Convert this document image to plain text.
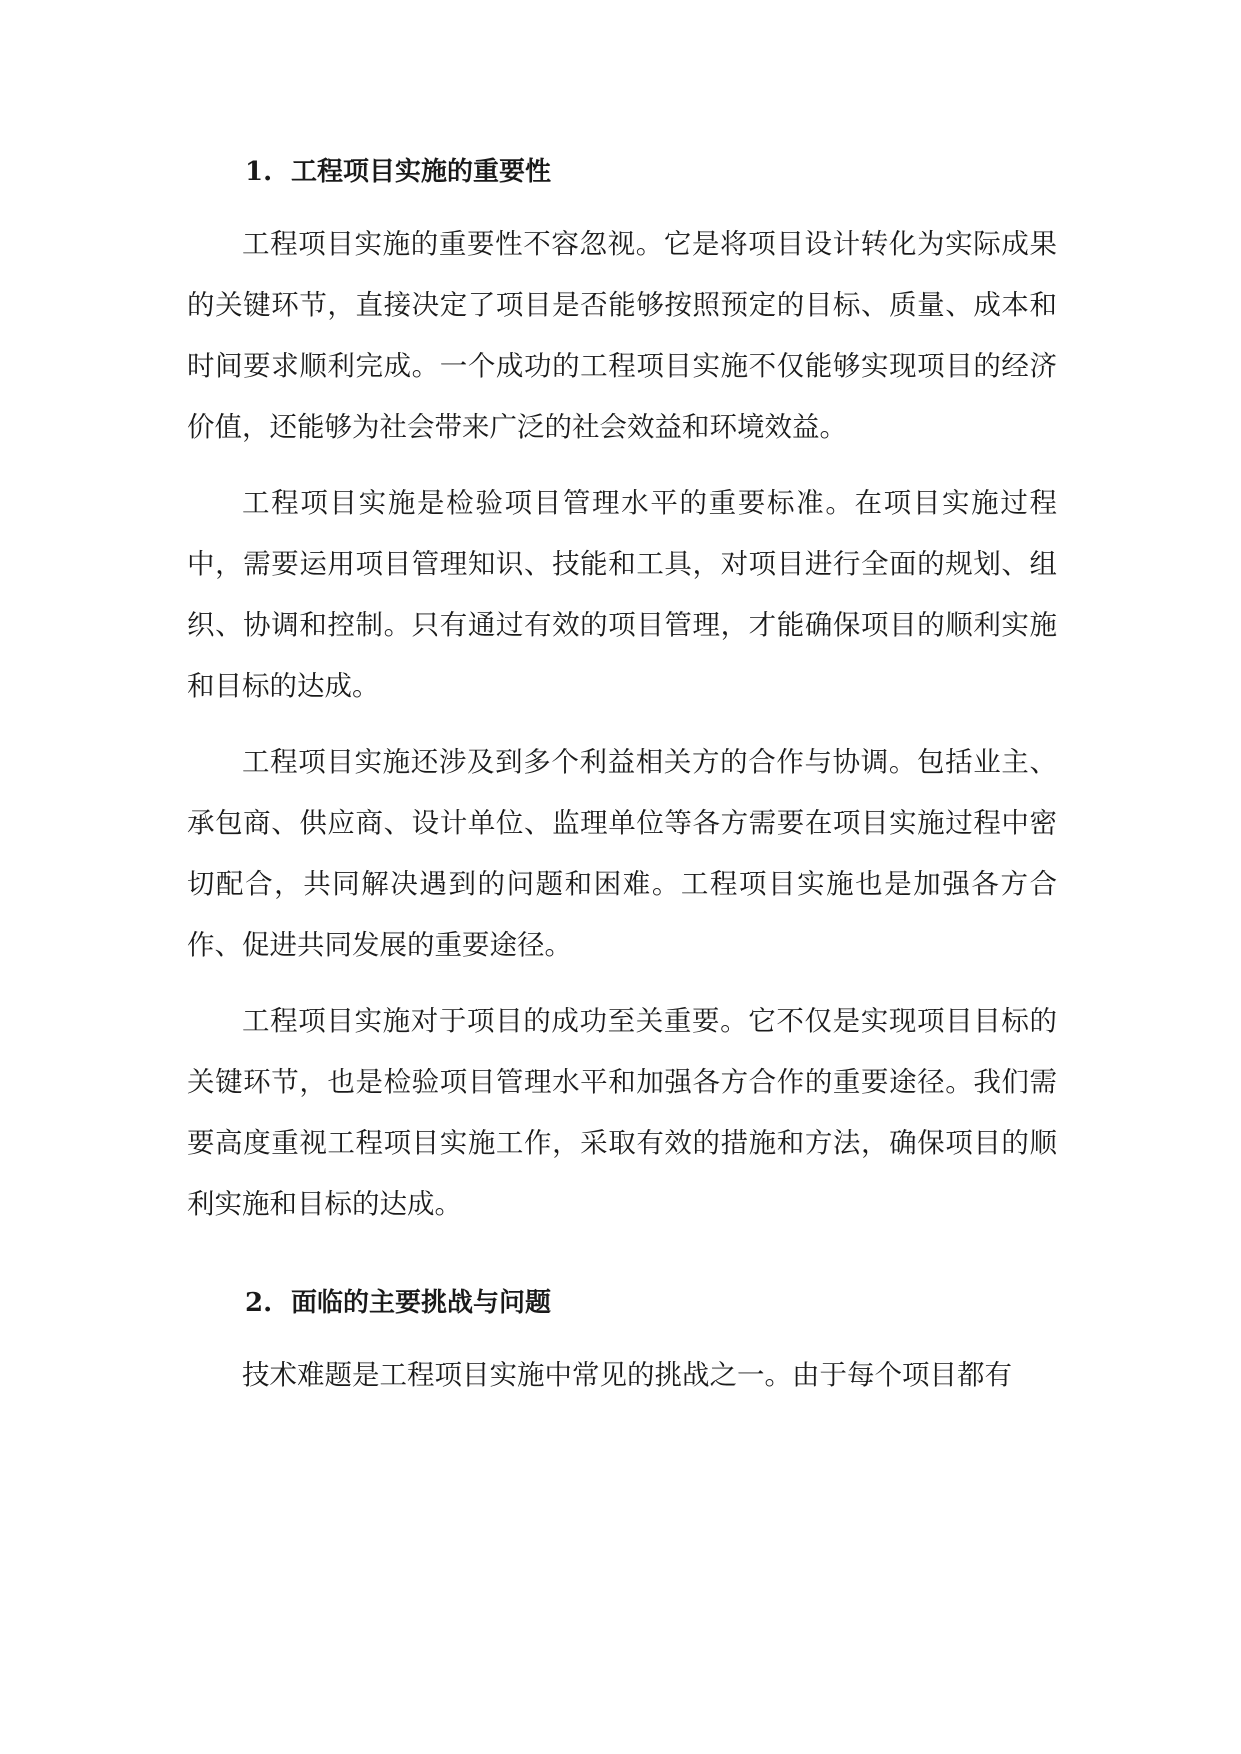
1. 工程项目实施的重要性

工程项目实施的重要性不容忽视。它是将项目设计转化为实际成果的关键环节，直接决定了项目是否能够按照预定的目标、质量、成本和时间要求顺利完成。一个成功的工程项目实施不仅能够实现项目的经济价值，还能够为社会带来广泛的社会效益和环境效益。

工程项目实施是检验项目管理水平的重要标准。在项目实施过程中，需要运用项目管理知识、技能和工具，对项目进行全面的规划、组织、协调和控制。只有通过有效的项目管理，才能确保项目的顺利实施和目标的达成。

工程项目实施还涉及到多个利益相关方的合作与协调。包括业主、承包商、供应商、设计单位、监理单位等各方需要在项目实施过程中密切配合，共同解决遇到的问题和困难。工程项目实施也是加强各方合作、促进共同发展的重要途径。

工程项目实施对于项目的成功至关重要。它不仅是实现项目目标的关键环节，也是检验项目管理水平和加强各方合作的重要途径。我们需要高度重视工程项目实施工作，采取有效的措施和方法，确保项目的顺利实施和目标的达成。

2. 面临的主要挑战与问题

技术难题是工程项目实施中常见的挑战之一。由于每个项目都有
